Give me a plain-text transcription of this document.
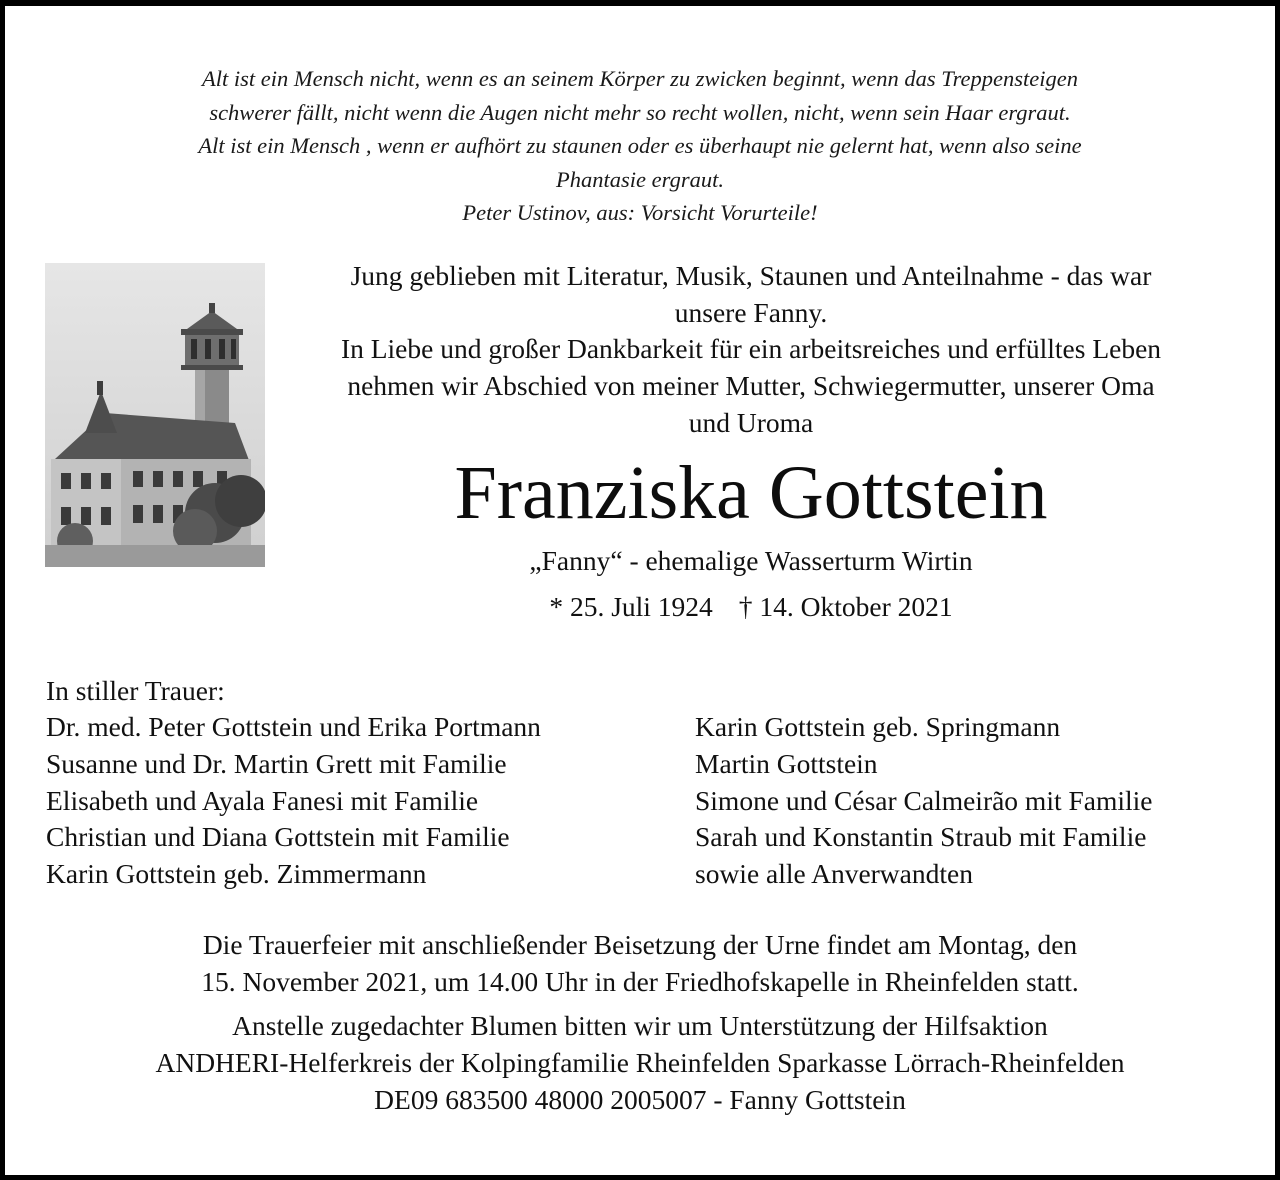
Alt ist ein Mensch nicht, wenn es an seinem Körper zu zwicken beginnt, wenn das Treppensteigen
schwerer fällt, nicht wenn die Augen nicht mehr so recht wollen, nicht, wenn sein Haar ergraut.
Alt ist ein Mensch , wenn er aufhört zu staunen oder es überhaupt nie gelernt hat, wenn also seine
Phantasie ergraut.
Peter Ustinov, aus: Vorsicht Vorurteile!
Jung geblieben mit Literatur, Musik, Staunen und Anteilnahme - das war
unsere Fanny.
In Liebe und großer Dankbarkeit für ein arbeitsreiches und erfülltes Leben
nehmen wir Abschied von meiner Mutter, Schwiegermutter, unserer Oma
und Uroma
Franziska Gottstein
„Fanny“ - ehemalige Wasserturm Wirtin
* 25. Juli 1924 † 14. Oktober 2021
In stiller Trauer:
Dr. med. Peter Gottstein und Erika Portmann
Susanne und Dr. Martin Grett mit Familie
Elisabeth und Ayala Fanesi mit Familie
Christian und Diana Gottstein mit Familie
Karin Gottstein geb. Zimmermann
Karin Gottstein geb. Springmann
Martin Gottstein
Simone und César Calmeirão mit Familie
Sarah und Konstantin Straub mit Familie
sowie alle Anverwandten
Die Trauerfeier mit anschließender Beisetzung der Urne findet am Montag, den
15. November 2021, um 14.00 Uhr in der Friedhofskapelle in Rheinfelden statt.
Anstelle zugedachter Blumen bitten wir um Unterstützung der Hilfsaktion
ANDHERI-Helferkreis der Kolpingfamilie Rheinfelden Sparkasse Lörrach-Rheinfelden
DE09 683500 48000 2005007 - Fanny Gottstein
